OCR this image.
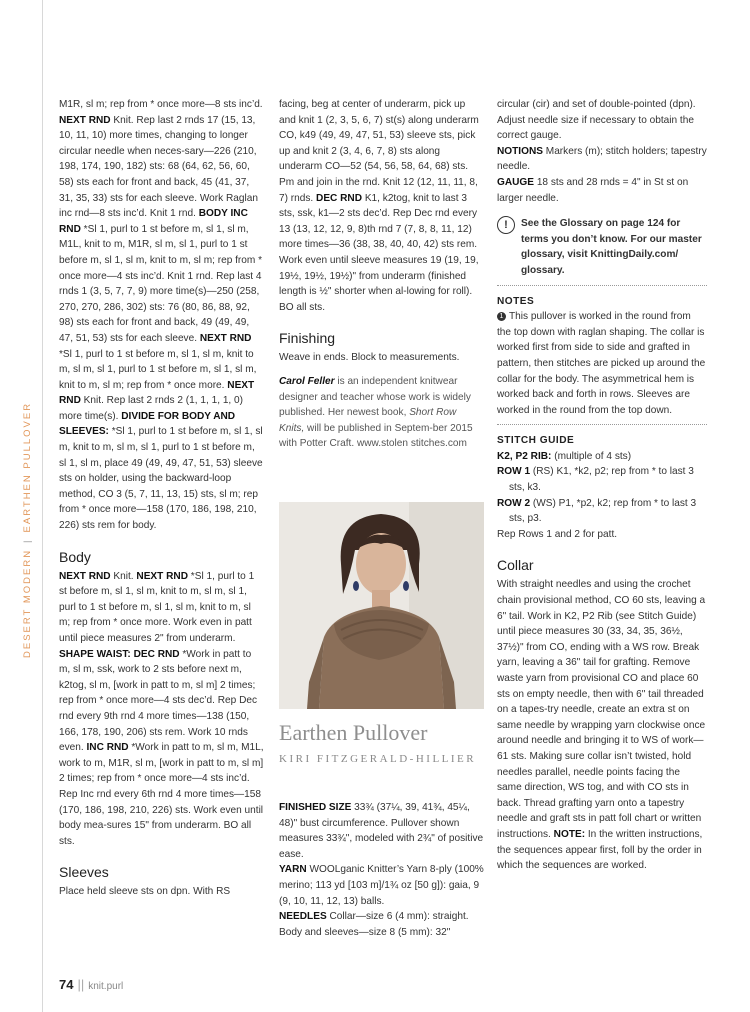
DESERT MODERN|EARTHEN PULLOVER

M1R, sl m; rep from * once more—8 sts inc’d. NEXT RND Knit. Rep last 2 rnds 17 (15, 13, 10, 11, 10) more times, changing to longer circular needle when neces-sary—226 (210, 198, 174, 190, 182) sts: 68 (64, 62, 56, 60, 58) sts each for front and back, 45 (41, 37, 31, 35, 33) sts for each sleeve. Work Raglan inc rnd—8 sts inc’d. Knit 1 rnd. BODY INC RND *Sl 1, purl to 1 st before m, sl 1, sl m, M1L, knit to m, M1R, sl m, sl 1, purl to 1 st before m, sl 1, sl m, knit to m, sl m; rep from * once more—4 sts inc’d. Knit 1 rnd. Rep last 4 rnds 1 (3, 5, 7, 7, 9) more time(s)—250 (258, 270, 270, 286, 302) sts: 76 (80, 86, 88, 92, 98) sts each for front and back, 49 (49, 49, 47, 51, 53) sts for each sleeve. NEXT RND *Sl 1, purl to 1 st before m, sl 1, sl m, knit to m, sl m, sl 1, purl to 1 st before m, sl 1, sl m, knit to m, sl m; rep from * once more. NEXT RND Knit. Rep last 2 rnds 2 (1, 1, 1, 1, 0) more time(s). DIVIDE FOR BODY AND SLEEVES: *Sl 1, purl to 1 st before m, sl 1, sl m, knit to m, sl m, sl 1, purl to 1 st before m, sl 1, sl m, place 49 (49, 49, 47, 51, 53) sleeve sts on holder, using the backward-loop method, CO 3 (5, 7, 11, 13, 15) sts, sl m; rep from * once more—158 (170, 186, 198, 210, 226) sts rem for body.

Body

NEXT RND Knit. NEXT RND *Sl 1, purl to 1 st before m, sl 1, sl m, knit to m, sl m, sl 1, purl to 1 st before m, sl 1, sl m, knit to m, sl m; rep from * once more. Work even in patt until piece measures 2" from underarm. SHAPE WAIST: DEC RND *Work in patt to m, sl m, ssk, work to 2 sts before next m, k2tog, sl m, [work in patt to m, sl m] 2 times; rep from * once more—4 sts dec’d. Rep Dec rnd every 9th rnd 4 more times—138 (150, 166, 178, 190, 206) sts rem. Work 10 rnds even. INC RND *Work in patt to m, sl m, M1L, work to m, M1R, sl m, [work in patt to m, sl m] 2 times; rep from * once more—4 sts inc’d. Rep Inc rnd every 6th rnd 4 more times—158 (170, 186, 198, 210, 226) sts. Work even until body mea-sures 15" from underarm. BO all sts.

Sleeves

Place held sleeve sts on dpn. With RS

facing, beg at center of underarm, pick up and knit 1 (2, 3, 5, 6, 7) st(s) along underarm CO, k49 (49, 49, 47, 51, 53) sleeve sts, pick up and knit 2 (3, 4, 6, 7, 8) sts along underarm CO—52 (54, 56, 58, 64, 68) sts. Pm and join in the rnd. Knit 12 (12, 11, 11, 8, 7) rnds. DEC RND K1, k2tog, knit to last 3 sts, ssk, k1—2 sts dec’d. Rep Dec rnd every 13 (13, 12, 12, 9, 8)th rnd 7 (7, 8, 8, 11, 12) more times—36 (38, 38, 40, 40, 42) sts rem. Work even until sleeve measures 19 (19, 19, 19½, 19½, 19½)" from underarm (finished length is ½" shorter when al-lowing for roll). BO all sts.

Finishing

Weave in ends. Block to measurements.

Carol Feller is an independent knitwear designer and teacher whose work is widely published. Her newest book, Short Row Knits, will be published in Septem-ber 2015 with Potter Craft. www.stolen stitches.com

Earthen Pullover
KIRI FITZGERALD-HILLIER

FINISHED SIZE 33¾ (37¼, 39, 41¾, 45¼, 48)" bust circumference. Pullover shown measures 33¾", modeled with 2¾" of positive ease.

YARN WOOLganic Knitter’s Yarn 8-ply (100% merino; 113 yd [103 m]/1¾ oz [50 g]): gaia, 9 (9, 10, 11, 12, 13) balls.

NEEDLES Collar—size 6 (4 mm): straight. Body and sleeves—size 8 (5 mm): 32"

circular (cir) and set of double-pointed (dpn). Adjust needle size if necessary to obtain the correct gauge.

NOTIONS Markers (m); stitch holders; tapestry needle.

GAUGE 18 sts and 28 rnds = 4" in St st on larger needle.

!	See the Glossary on page 124 for terms you don’t know. For our master glossary, visit KnittingDaily.com/ glossary.

NOTES

1 This pullover is worked in the round from the top down with raglan shaping. The collar is worked first from side to side and grafted in pattern, then stitches are picked up around the collar for the body. The asymmetrical hem is worked back and forth in rows. Sleeves are worked in the round from the top down.

STITCH GUIDE

K2, P2 RIB: (multiple of 4 sts)

ROW 1 (RS) K1, *k2, p2; rep from * to last 3 sts, k3.

ROW 2 (WS) P1, *p2, k2; rep from * to last 3 sts, p3.

Rep Rows 1 and 2 for patt.

Collar

With straight needles and using the crochet chain provisional method, CO 60 sts, leaving a 6" tail. Work in K2, P2 Rib (see Stitch Guide) until piece measures 30 (33, 34, 35, 36½, 37½)" from CO, ending with a WS row. Break yarn, leaving a 36" tail for grafting. Remove waste yarn from provisional CO and place 60 sts on empty needle, then with 6" tail threaded on a tapes-try needle, create an extra st on same needle by wrapping yarn clockwise once around needle and bringing it to WS of work—61 sts. Making sure collar isn’t twisted, hold needles parallel, needle points facing the same direction, WS tog, and with CO sts in back. Thread grafting yarn onto a tapestry needle and graft sts in patt foll chart or written instructions. NOTE: In the written instructions, the sequences appear first, foll by the order in which the sequences are worked.

74 || knit.purl
